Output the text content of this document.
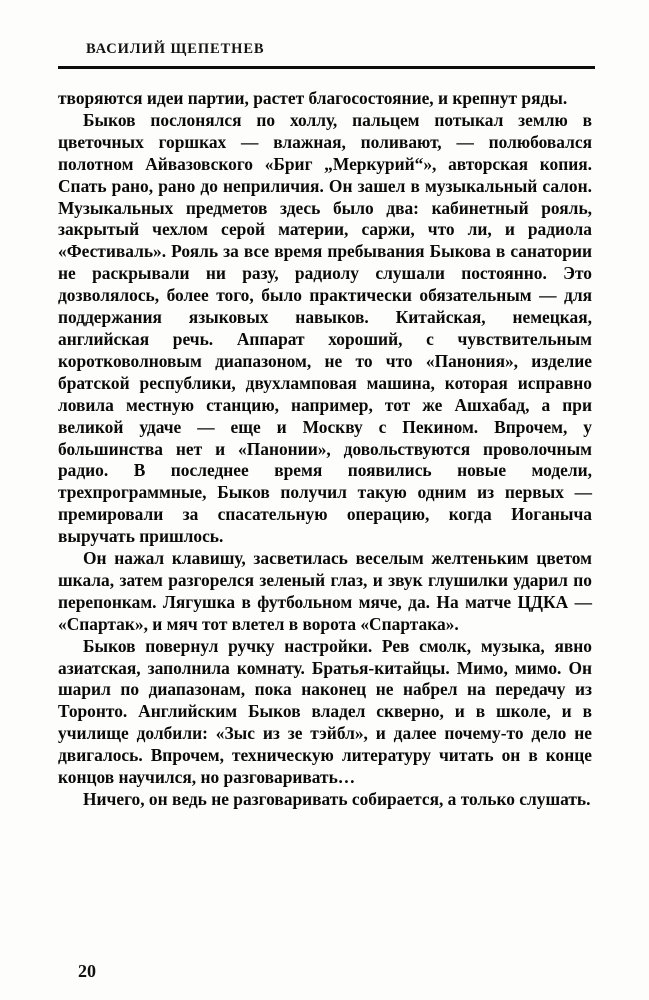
ВАСИЛИЙ ЩЕПЕТНЕВ

творяются идеи партии, растет благосостояние, и крепнут ряды.

Быков послонялся по холлу, пальцем потыкал землю в цветочных горшках — влажная, поливают, — полюбовался полотном Айвазовского «Бриг „Меркурий“», авторская копия. Спать рано, рано до неприличия. Он зашел в музыкальный салон. Музыкальных предметов здесь было два: кабинетный рояль, закрытый чехлом серой материи, саржи, что ли, и радиола «Фестиваль». Рояль за все время пребывания Быкова в санатории не раскрывали ни разу, радиолу слушали постоянно. Это дозволялось, более того, было практически обязательным — для поддержания языковых навыков. Китайская, немецкая, английская речь. Аппарат хороший, с чувствительным коротковолновым диапазоном, не то что «Панония», изделие братской республики, двухламповая машина, которая исправно ловила местную станцию, например, тот же Ашхабад, а при великой удаче — еще и Москву с Пекином. Впрочем, у большинства нет и «Панонии», довольствуются проволочным радио. В последнее время появились новые модели, трехпрограммные, Быков получил такую одним из первых — премировали за спасательную операцию, когда Иоганыча выручать пришлось.

Он нажал клавишу, засветилась веселым желтеньким цветом шкала, затем разгорелся зеленый глаз, и звук глушилки ударил по перепонкам. Лягушка в футбольном мяче, да. На матче ЦДКА — «Спартак», и мяч тот влетел в ворота «Спартака».

Быков повернул ручку настройки. Рев смолк, музыка, явно азиатская, заполнила комнату. Братья-китайцы. Мимо, мимо. Он шарил по диапазонам, пока наконец не набрел на передачу из Торонто. Английским Быков владел скверно, и в школе, и в училище долбили: «Зыс из зе тэйбл», и далее почему-то дело не двигалось. Впрочем, техническую литературу читать он в конце концов научился, но разговаривать…

Ничего, он ведь не разговаривать собирается, а только слушать.

20
